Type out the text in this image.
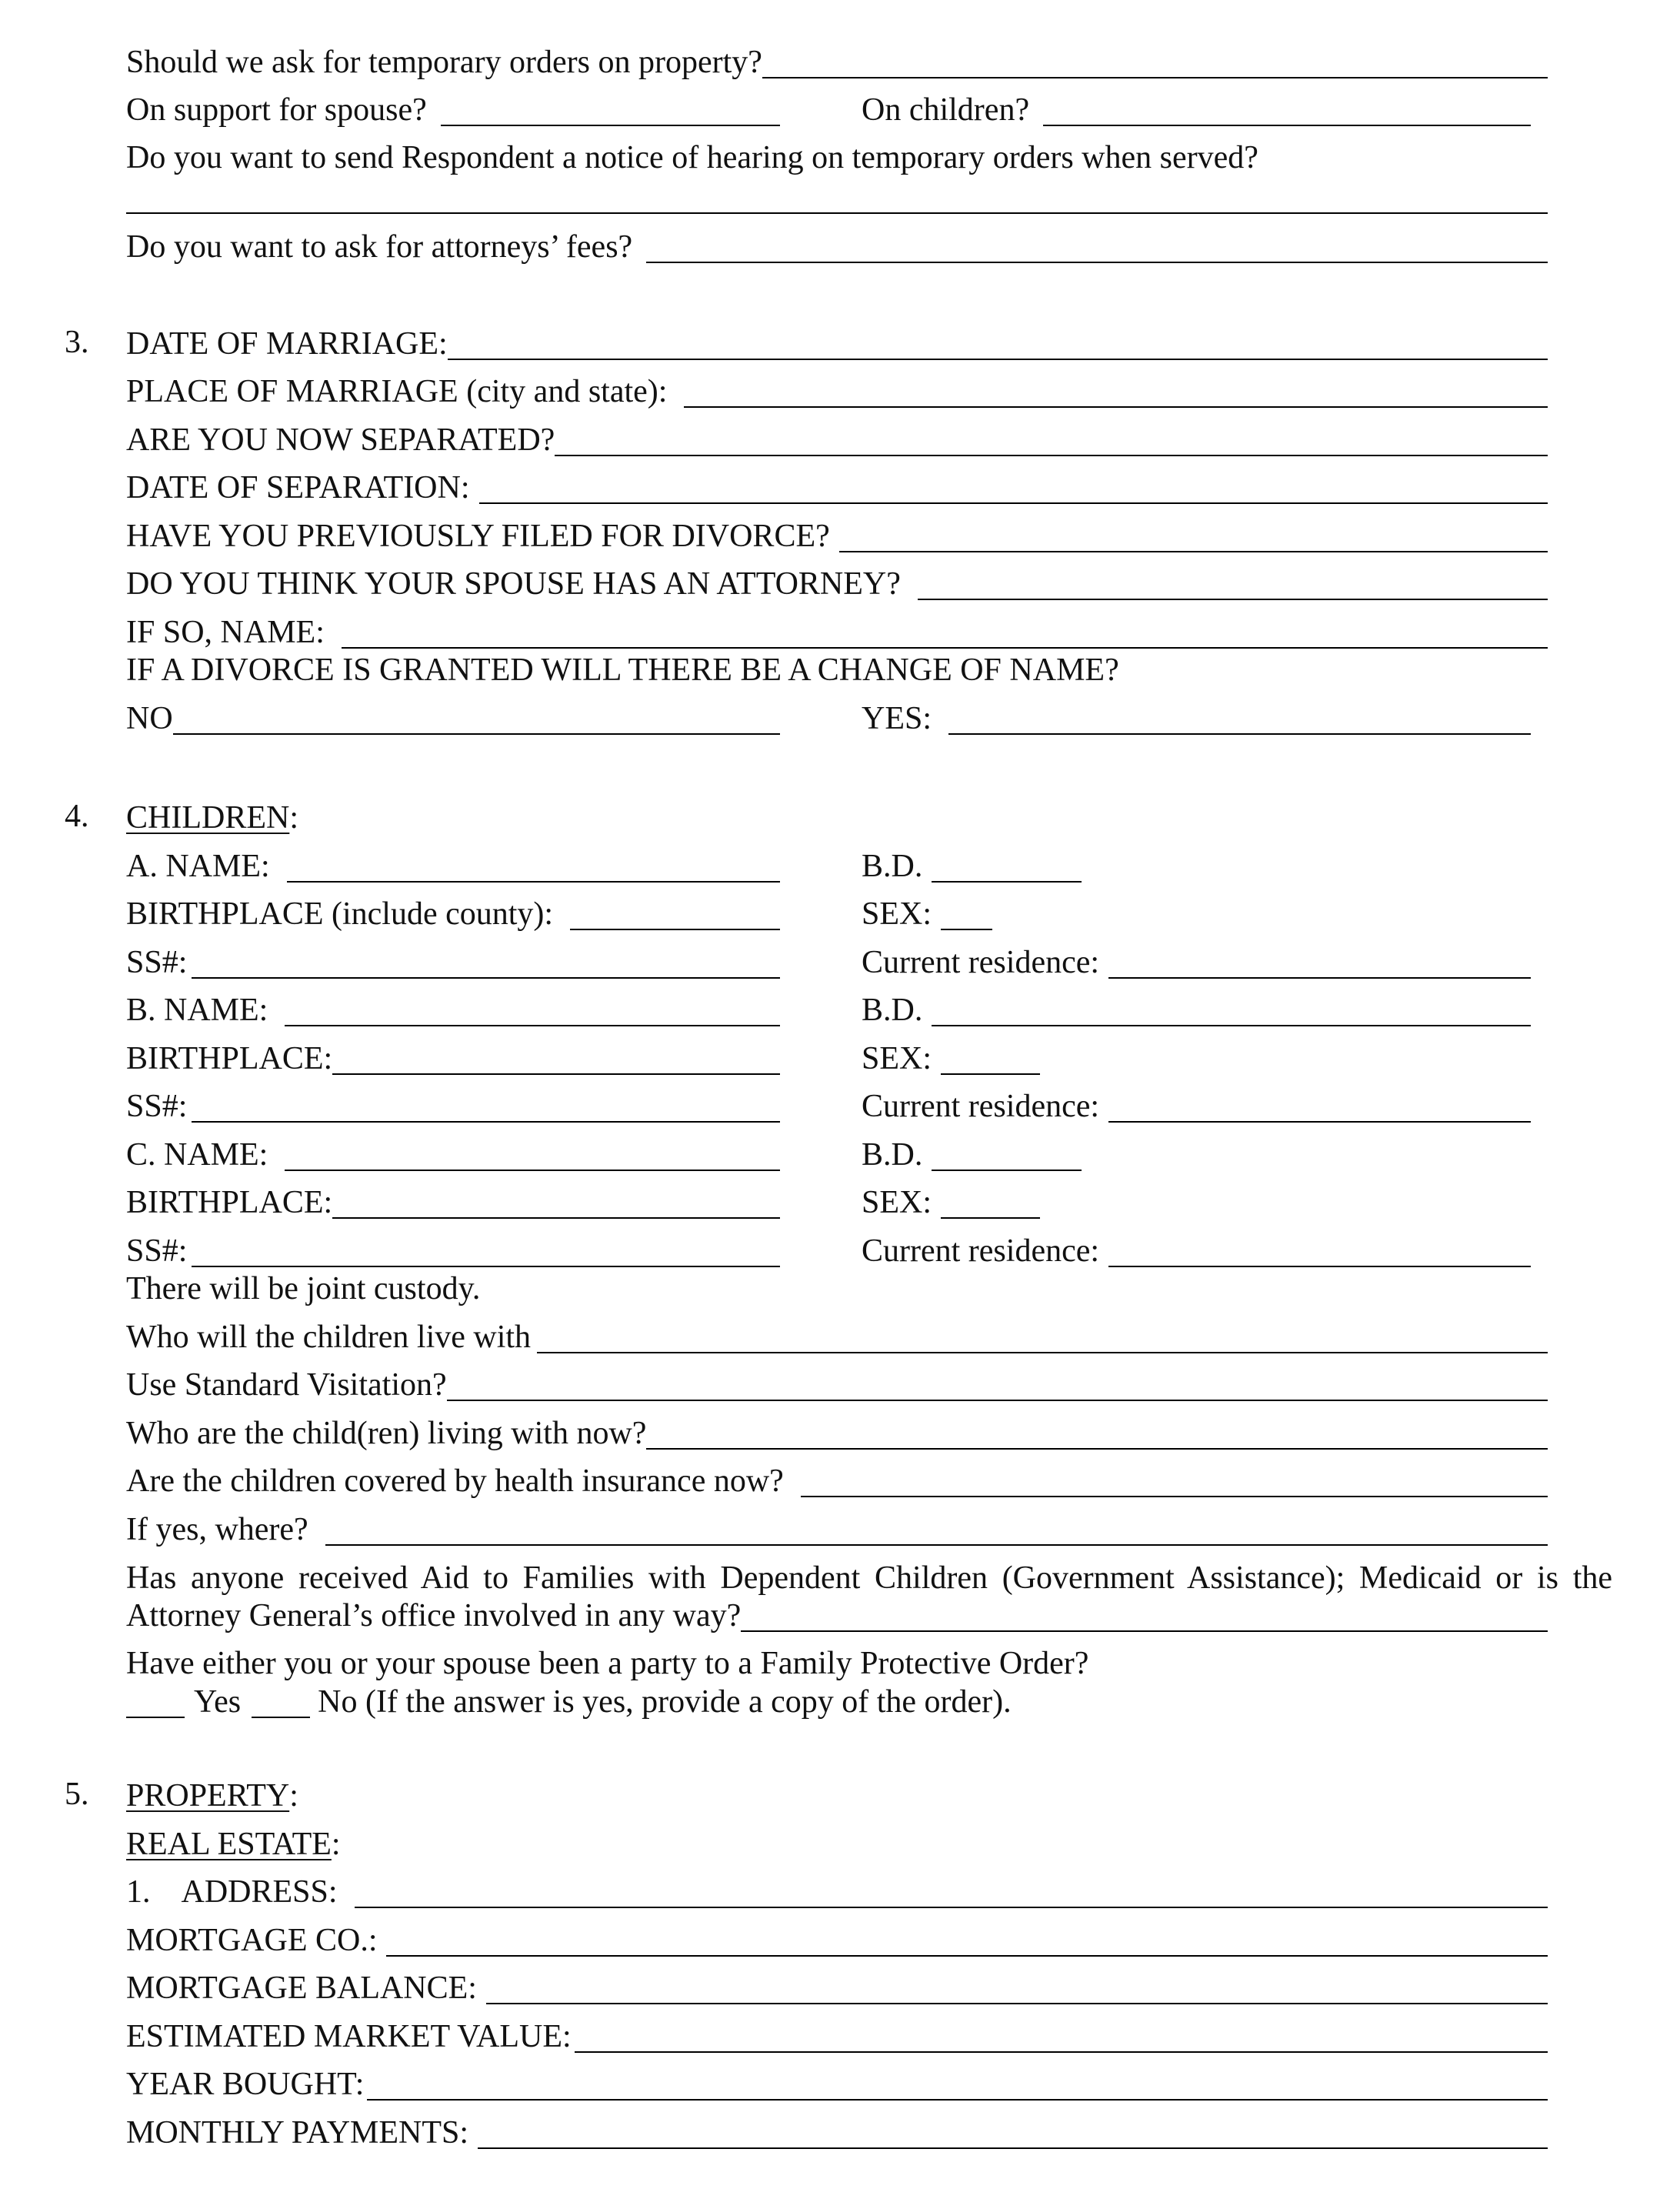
Should we ask for temporary orders on property?
On support for spouse?	On children?
Do you want to send Respondent a notice of hearing on temporary orders when served?
Do you want to ask for attorneys’ fees?
3. DATE OF MARRIAGE:
PLACE OF MARRIAGE (city and state):
ARE YOU NOW SEPARATED?
DATE OF SEPARATION:
HAVE YOU PREVIOUSLY FILED FOR DIVORCE?
DO YOU THINK YOUR SPOUSE HAS AN ATTORNEY?
IF SO, NAME:
IF A DIVORCE IS GRANTED WILL THERE BE A CHANGE OF NAME?
NO	YES:
4. CHILDREN :
A. NAME:	B.D.
BIRTHPLACE (include county):	SEX:
SS#:	Current residence:
B. NAME:	B.D.
BIRTHPLACE:	SEX:
SS#:	Current residence:
C. NAME:	B.D.
BIRTHPLACE:	SEX:
SS#:	Current residence:
There will be joint custody.
Who will the children live with
Use Standard Visitation?
Who are the child(ren) living with now?
Are the children covered by health insurance now?
If yes, where?
Has anyone received Aid to Families with Dependent Children (Government Assistance); Medicaid or is the
Attorney General’s office involved in any way?
Have either you or your spouse been a party to a Family Protective Order?
Yes No (If the answer is yes, provide a copy of the order).
5. PROPERTY :
REAL ESTATE :
1. ADDRESS:
MORTGAGE CO.:
MORTGAGE BALANCE:
ESTIMATED MARKET VALUE:
YEAR BOUGHT:
MONTHLY PAYMENTS:
